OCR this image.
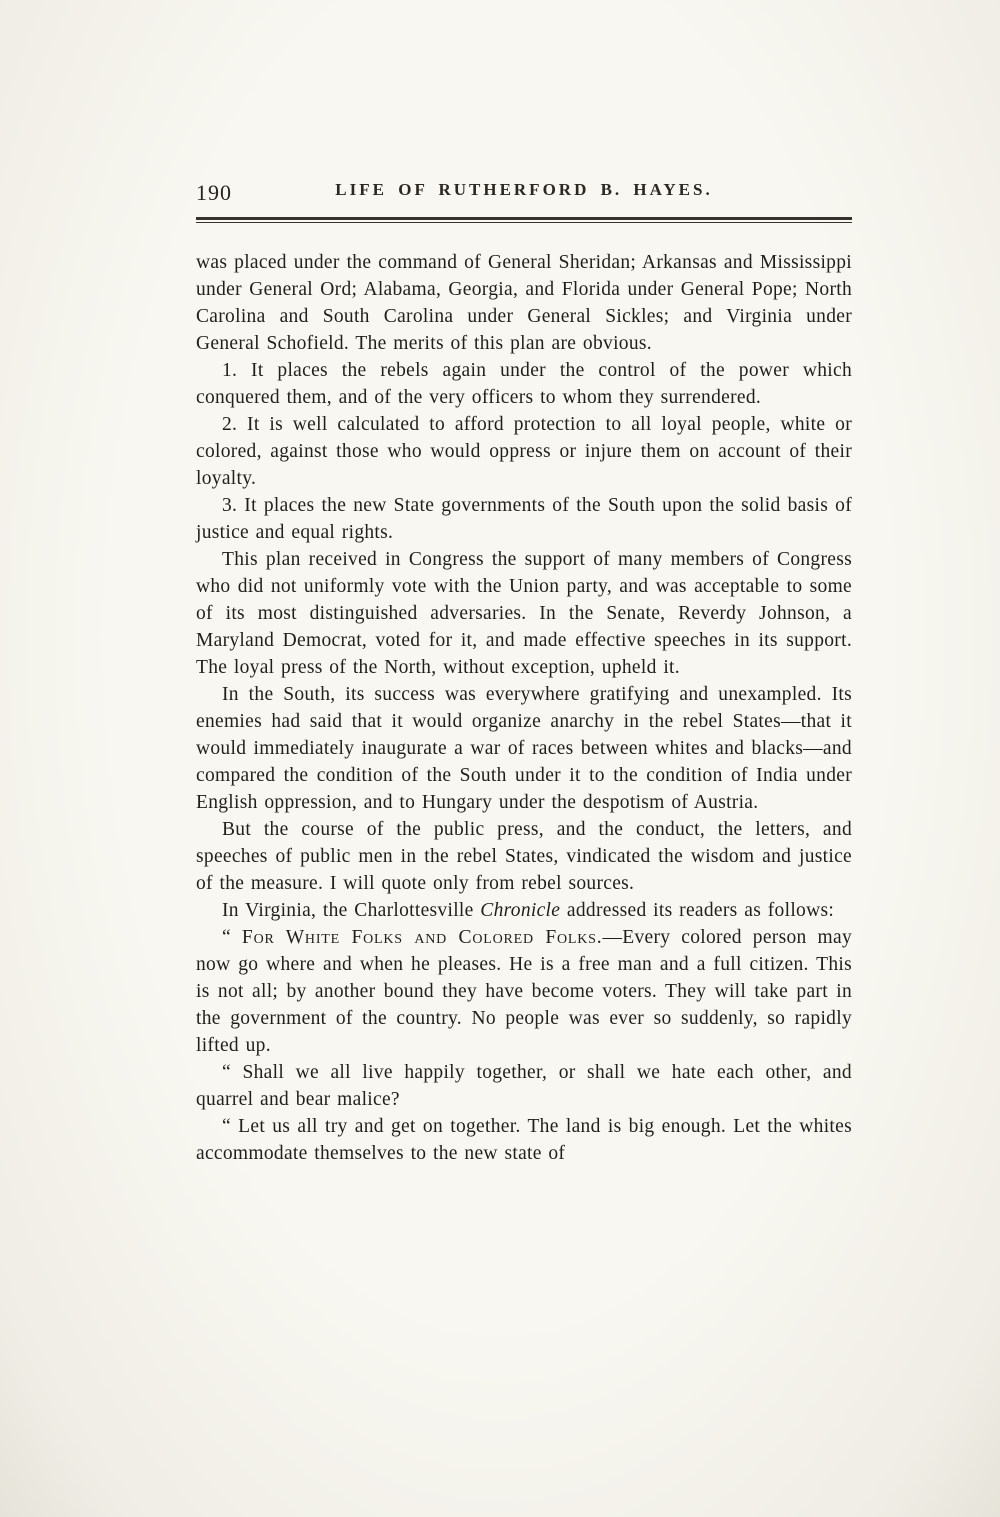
190	LIFE OF RUTHERFORD B. HAYES.

was placed under the command of General Sheridan; Arkansas and Mississippi under General Ord; Alabama, Georgia, and Florida under General Pope; North Carolina and South Carolina under General Sickles; and Virginia under General Schofield. The merits of this plan are obvious.

1. It places the rebels again under the control of the power which conquered them, and of the very officers to whom they surrendered.

2. It is well calculated to afford protection to all loyal people, white or colored, against those who would oppress or injure them on account of their loyalty.

3. It places the new State governments of the South upon the solid basis of justice and equal rights.

This plan received in Congress the support of many members of Congress who did not uniformly vote with the Union party, and was acceptable to some of its most distinguished adversaries. In the Senate, Reverdy Johnson, a Maryland Democrat, voted for it, and made effective speeches in its support. The loyal press of the North, without exception, upheld it.

In the South, its success was everywhere gratifying and unexampled. Its enemies had said that it would organize anarchy in the rebel States—that it would immediately inaugurate a war of races between whites and blacks—and compared the condition of the South under it to the condition of India under English oppression, and to Hungary under the despotism of Austria.

But the course of the public press, and the conduct, the letters, and speeches of public men in the rebel States, vindicated the wisdom and justice of the measure. I will quote only from rebel sources.

In Virginia, the Charlottesville Chronicle addressed its readers as follows:

“ For White Folks and Colored Folks.—Every colored person may now go where and when he pleases. He is a free man and a full citizen. This is not all; by another bound they have become voters. They will take part in the government of the country. No people was ever so suddenly, so rapidly lifted up.

“ Shall we all live happily together, or shall we hate each other, and quarrel and bear malice?

“ Let us all try and get on together. The land is big enough. Let the whites accommodate themselves to the new state of
